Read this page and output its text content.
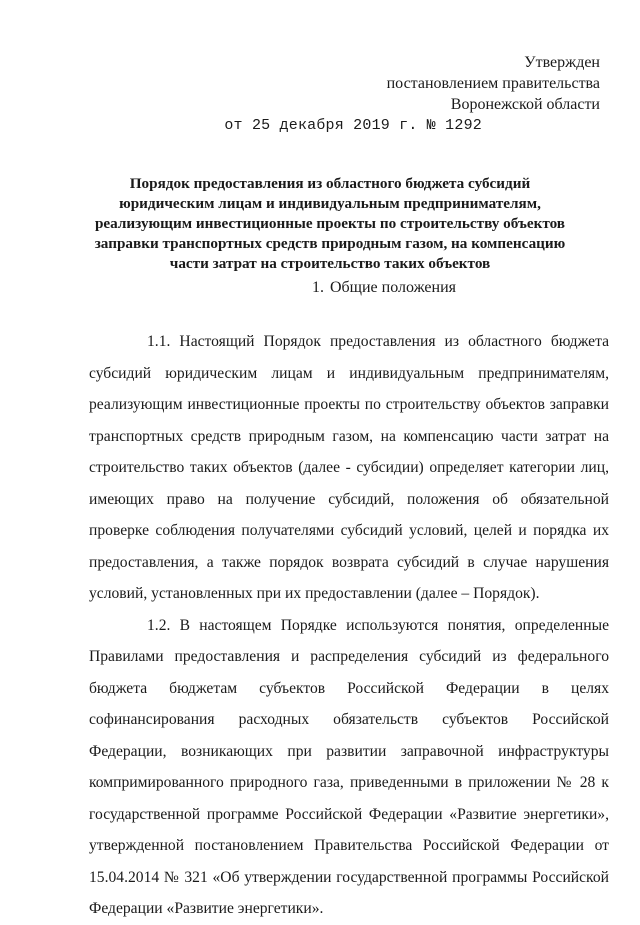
Утвержден
постановлением правительства
Воронежской области
от 25 декабря 2019 г. № 1292
Порядок предоставления из областного бюджета субсидий юридическим лицам и индивидуальным предпринимателям, реализующим инвестиционные проекты по строительству объектов заправки транспортных средств природным газом, на компенсацию части затрат на строительство таких объектов
1. Общие положения

1.1. Настоящий Порядок предоставления из областного бюджета субсидий юридическим лицам и индивидуальным предпринимателям, реализующим инвестиционные проекты по строительству объектов заправки транспортных средств природным газом, на компенсацию части затрат на строительство таких объектов (далее - субсидии) определяет категории лиц, имеющих право на получение субсидий, положения об обязательной проверке соблюдения получателями субсидий условий, целей и порядка их предоставления, а также порядок возврата субсидий в случае нарушения условий, установленных при их предоставлении (далее – Порядок).

1.2. В настоящем Порядке используются понятия, определенные Правилами предоставления и распределения субсидий из федерального бюджета бюджетам субъектов Российской Федерации в целях софинансирования расходных обязательств субъектов Российской Федерации, возникающих при развитии заправочной инфраструктуры компримированного природного газа, приведенными в приложении № 28 к государственной программе Российской Федерации «Развитие энергетики», утвержденной постановлением Правительства Российской Федерации от 15.04.2014 № 321 «Об утверждении государственной программы Российской Федерации «Развитие энергетики».
